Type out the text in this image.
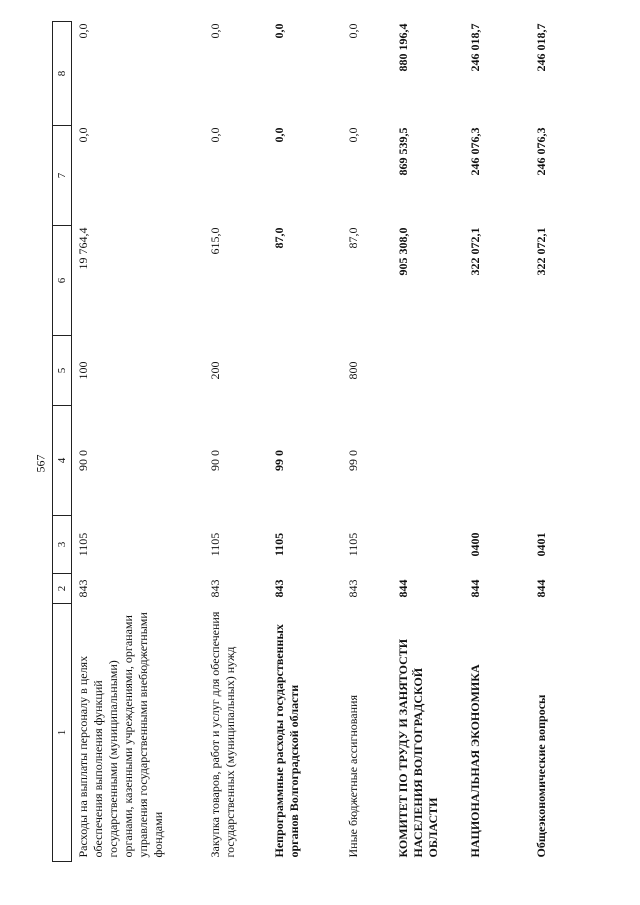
567
1	2	3	4	5	6	7	8
Расходы на выплаты персоналу в целях обеспечения выполнения функций государственными (муниципальными) органами, казенными учреждениями, органами управления государственными внебюджетными фондами	843	1105	90 0	100	19 764,4	0,0	0,0
Закупка товаров, работ и услуг для обеспечения государственных (муниципальных) нужд	843	1105	90 0	200	615,0	0,0	0,0
Непрограммные расходы государственных органов Волгоградской области	843	1105	99 0		87,0	0,0	0,0
Иные бюджетные ассигнования	843	1105	99 0	800	87,0	0,0	0,0
КОМИТЕТ ПО ТРУДУ И ЗАНЯТОСТИ НАСЕЛЕНИЯ ВОЛГОГРАДСКОЙ ОБЛАСТИ	844				905 308,0	869 539,5	880 196,4
НАЦИОНАЛЬНАЯ ЭКОНОМИКА	844	0400			322 072,1	246 076,3	246 018,7
Общеэкономические вопросы	844	0401			322 072,1	246 076,3	246 018,7
